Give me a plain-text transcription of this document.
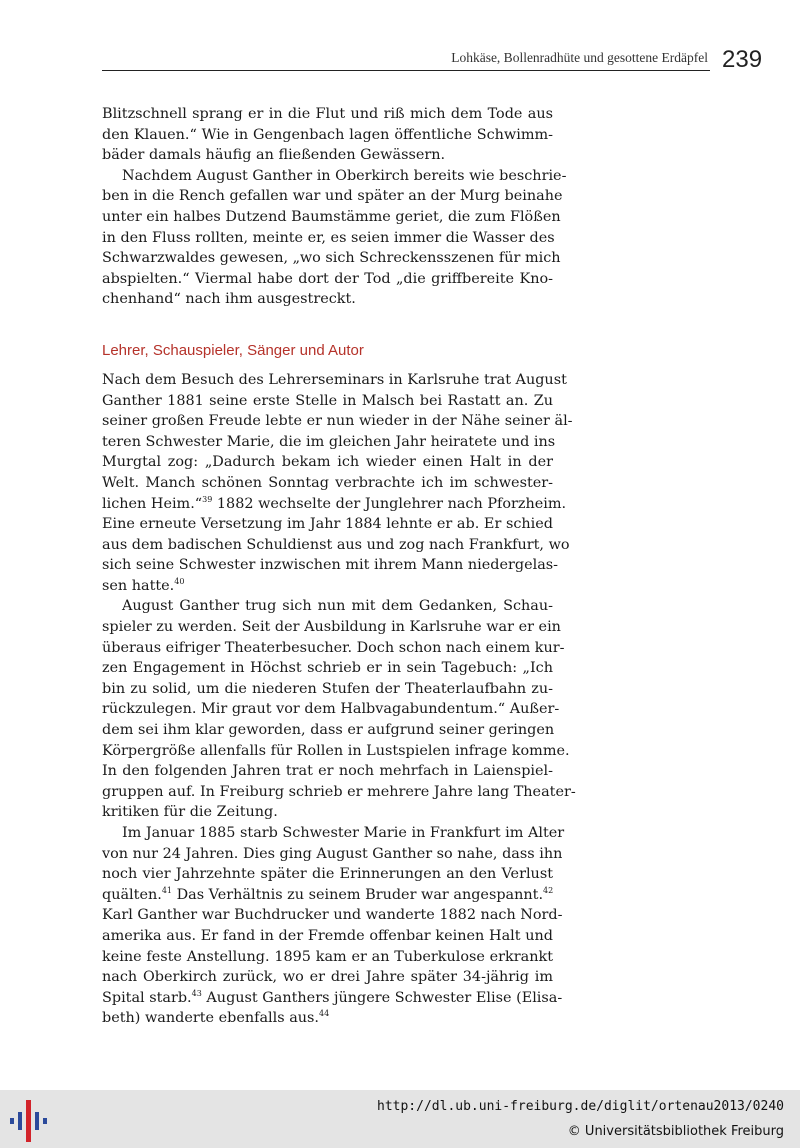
Lohkäse, Bollenradhüte und gesottene Erdäpfel 239

Blitzschnell sprang er in die Flut und riß mich dem Tode aus
den Klauen.“ Wie in Gengenbach lagen öffentliche Schwimm-
bäder damals häufig an fließenden Gewässern.

Nachdem August Ganther in Oberkirch bereits wie beschrie-
ben in die Rench gefallen war und später an der Murg beinahe
unter ein halbes Dutzend Baumstämme geriet, die zum Flößen
in den Fluss rollten, meinte er, es seien immer die Wasser des
Schwarzwaldes gewesen, „wo sich Schreckensszenen für mich
abspielten.“ Viermal habe dort der Tod „die griffbereite Kno-
chenhand“ nach ihm ausgestreckt.

Lehrer, Schauspieler, Sänger und Autor

Nach dem Besuch des Lehrerseminars in Karlsruhe trat August
Ganther 1881 seine erste Stelle in Malsch bei Rastatt an. Zu
seiner großen Freude lebte er nun wieder in der Nähe seiner äl-
teren Schwester Marie, die im gleichen Jahr heiratete und ins
Murgtal zog: „Dadurch bekam ich wieder einen Halt in der
Welt. Manch schönen Sonntag verbrachte ich im schwester-
lichen Heim.“$^{39}$ 1882 wechselte der Junglehrer nach Pforzheim.
Eine erneute Versetzung im Jahr 1884 lehnte er ab. Er schied
aus dem badischen Schuldienst aus und zog nach Frankfurt, wo
sich seine Schwester inzwischen mit ihrem Mann niedergelas-
sen hatte.$^{40}$

August Ganther trug sich nun mit dem Gedanken, Schau-
spieler zu werden. Seit der Ausbildung in Karlsruhe war er ein
überaus eifriger Theaterbesucher. Doch schon nach einem kur-
zen Engagement in Höchst schrieb er in sein Tagebuch: „Ich
bin zu solid, um die niederen Stufen der Theaterlaufbahn zu-
rückzulegen. Mir graut vor dem Halbvagabundentum.“ Außer-
dem sei ihm klar geworden, dass er aufgrund seiner geringen
Körpergröße allenfalls für Rollen in Lustspielen infrage komme.
In den folgenden Jahren trat er noch mehrfach in Laienspiel-
gruppen auf. In Freiburg schrieb er mehrere Jahre lang Theater-
kritiken für die Zeitung.

Im Januar 1885 starb Schwester Marie in Frankfurt im Alter
von nur 24 Jahren. Dies ging August Ganther so nahe, dass ihn
noch vier Jahrzehnte später die Erinnerungen an den Verlust
quälten.$^{41}$ Das Verhältnis zu seinem Bruder war angespannt.$^{42}$
Karl Ganther war Buchdrucker und wanderte 1882 nach Nord-
amerika aus. Er fand in der Fremde offenbar keinen Halt und
keine feste Anstellung. 1895 kam er an Tuberkulose erkrankt
nach Oberkirch zurück, wo er drei Jahre später 34-jährig im
Spital starb.$^{43}$ August Ganthers jüngere Schwester Elise (Elisa-
beth) wanderte ebenfalls aus.$^{44}$

http://dl.ub.uni-freiburg.de/diglit/ortenau2013/0240
© Universitätsbibliothek Freiburg
